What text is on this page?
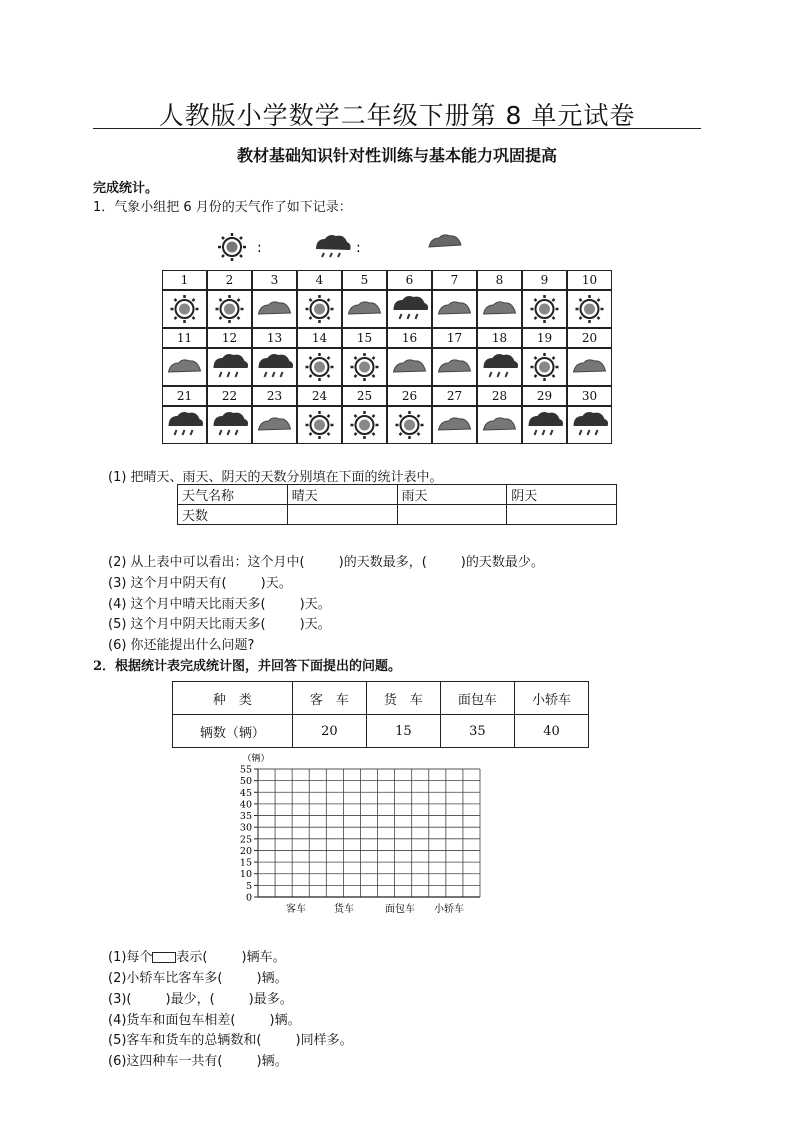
人教版小学数学二年级下册第 8 单元试卷
教材基础知识针对性训练与基本能力巩固提高
完成统计。
1．气象小组把 6 月份的天气作了如下记录：
:	:
1	2	3	4	5	6	7	8	9	10
11	12	13	14	15	16	17	18	19	20
21	22	23	24	25	26	27	28	29	30
(1) 把晴天、雨天、阴天的天数分别填在下面的统计表中。
天气名称	晴天	雨天	阴天
天数			
(2) 从上表中可以看出：这个月中(	)的天数最多，(	)的天数最少。
(3) 这个月中阴天有(	)天。
(4) 这个月中晴天比雨天多(	)天。
(5) 这个月中阴天比雨天多(	)天。
(6) 你还能提出什么问题?
2．根据统计表完成统计图，并回答下面提出的问题。
种　类	客　车	货　车	面包车	小轿车
辆数（辆）	20	15	35	40
0
5
10
15
20
25
30
35
40
45
50
55
（辆）
客车	货车	面包车 小轿车
(1)每个 表示(	)辆车。
(2)小轿车比客车多(	)辆。
(3)(	)最少，(	)最多。
(4)货车和面包车相差(	)辆。
(5)客车和货车的总辆数和(	)同样多。
(6)这四种车一共有(	)辆。
